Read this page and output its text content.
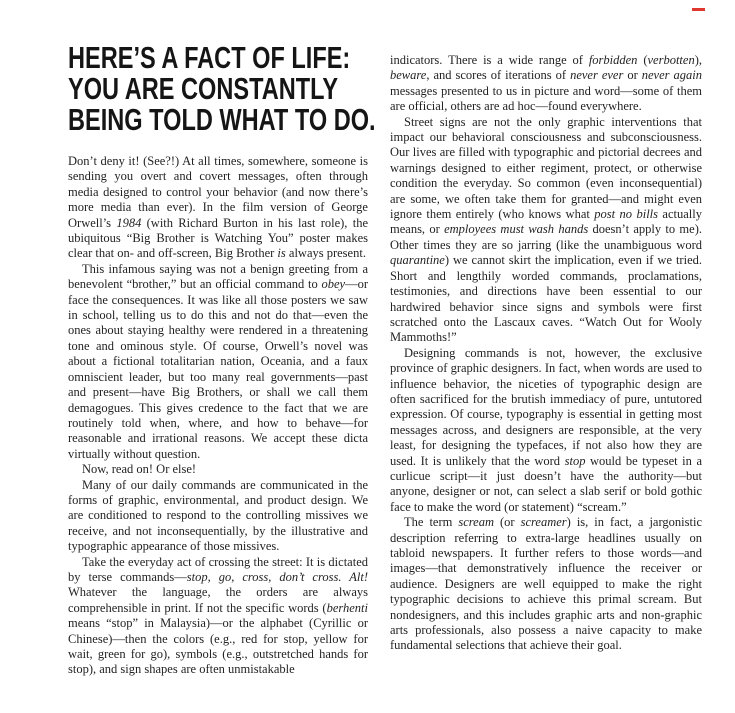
HERE’S A FACT OF LIFE:
YOU ARE CONSTANTLY
BEING TOLD WHAT TO DO.

Don’t deny it! (See?!) At all times, somewhere, someone is sending you overt and covert messages, often through media designed to control your behavior (and now there’s more media than ever). In the film version of George Orwell’s 1984 (with Richard Burton in his last role), the ubiquitous “Big Brother is Watching You” poster makes clear that on- and off-screen, Big Brother is always present.

This infamous saying was not a benign greeting from a benevolent “brother,” but an official command to obey—or face the consequences. It was like all those posters we saw in school, telling us to do this and not do that—even the ones about staying healthy were rendered in a threatening tone and ominous style. Of course, Orwell’s novel was about a fictional totalitarian nation, Oceania, and a faux omniscient leader, but too many real governments—past and present—have Big Brothers, or shall we call them demagogues. This gives credence to the fact that we are routinely told when, where, and how to behave—for reasonable and irrational reasons. We accept these dicta virtually without question.

Now, read on! Or else!

Many of our daily commands are communicated in the forms of graphic, environmental, and product design. We are conditioned to respond to the controlling missives we receive, and not inconsequentially, by the illustrative and typographic appearance of those missives.

Take the everyday act of crossing the street: It is dictated by terse commands—stop, go, cross, don’t cross. Alt! Whatever the language, the orders are always comprehensible in print. If not the specific words (berhenti means “stop” in Malaysia)—or the alphabet (Cyrillic or Chinese)—then the colors (e.g., red for stop, yellow for wait, green for go), symbols (e.g., outstretched hands for stop), and sign shapes are often unmistakable

indicators. There is a wide range of forbidden (verbotten), beware, and scores of iterations of never ever or never again messages presented to us in picture and word—some of them are official, others are ad hoc—found everywhere.

Street signs are not the only graphic interventions that impact our behavioral consciousness and subconsciousness. Our lives are filled with typographic and pictorial decrees and warnings designed to either regiment, protect, or otherwise condition the everyday. So common (even inconsequential) are some, we often take them for granted—and might even ignore them entirely (who knows what post no bills actually means, or employees must wash hands doesn’t apply to me). Other times they are so jarring (like the unambiguous word quarantine) we cannot skirt the implication, even if we tried. Short and lengthily worded commands, proclamations, testimonies, and directions have been essential to our hardwired behavior since signs and symbols were first scratched onto the Lascaux caves. “Watch Out for Wooly Mammoths!”

Designing commands is not, however, the exclusive province of graphic designers. In fact, when words are used to influence behavior, the niceties of typographic design are often sacrificed for the brutish immediacy of pure, untutored expression. Of course, typography is essential in getting most messages across, and designers are responsible, at the very least, for designing the typefaces, if not also how they are used. It is unlikely that the word stop would be typeset in a curlicue script—it just doesn’t have the authority—but anyone, designer or not, can select a slab serif or bold gothic face to make the word (or statement) “scream.”

The term scream (or screamer) is, in fact, a jargonistic description referring to extra-large headlines usually on tabloid newspapers. It further refers to those words—and images—that demonstratively influence the receiver or audience. Designers are well equipped to make the right typographic decisions to achieve this primal scream. But nondesigners, and this includes graphic arts and non-graphic arts professionals, also possess a naive capacity to make fundamental selections that achieve their goal.
